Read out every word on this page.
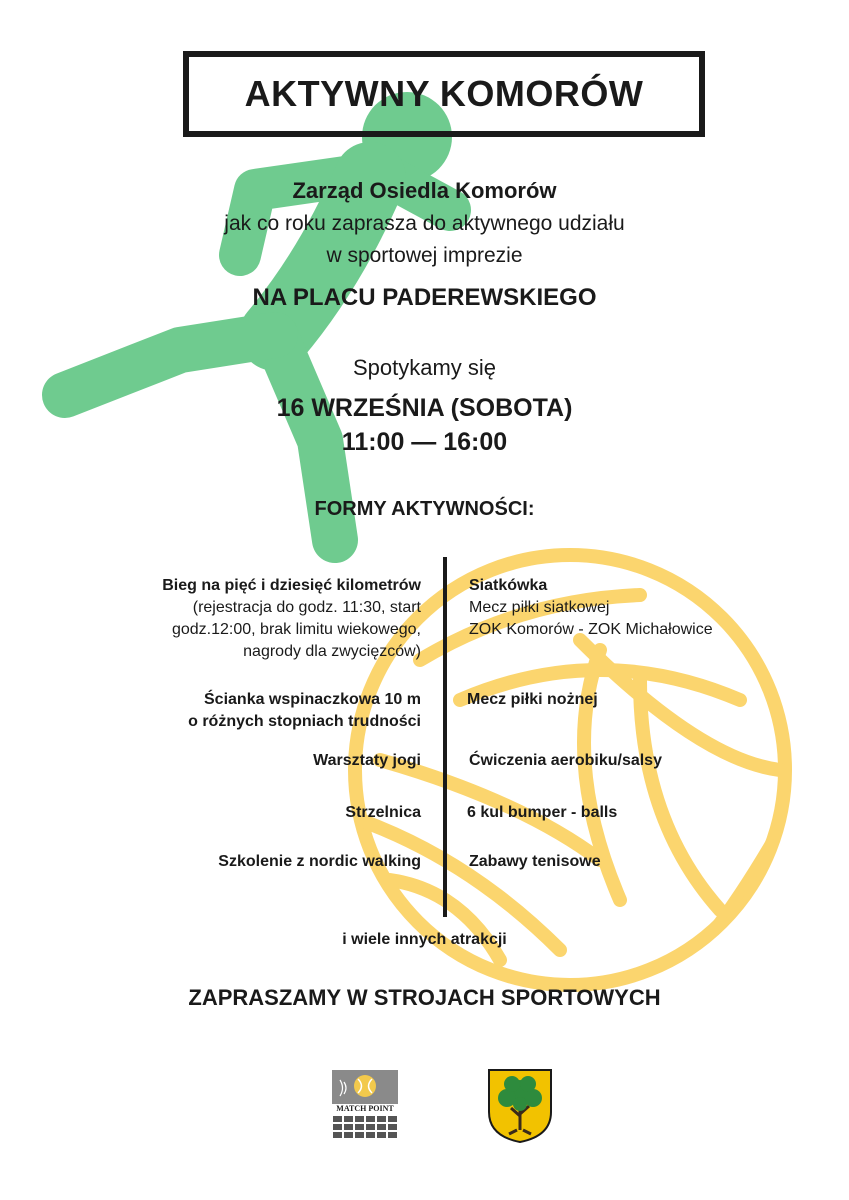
AKTYWNY KOMORÓW
Zarząd Osiedla Komorów
jak co roku zaprasza do aktywnego udziału
w sportowej imprezie
NA PLACU PADEREWSKIEGO
Spotykamy się
16 WRZEŚNIA (SOBOTA)
11:00 — 16:00
FORMY AKTYWNOŚCI:
Bieg na pięć i dziesięć kilometrów
(rejestracja do godz. 11:30, start
godz.12:00, brak limitu wiekowego,
nagrody dla zwycięzców)
Ścianka wspinaczkowa 10 m
o różnych stopniach trudności
Warsztaty jogi
Strzelnica
Szkolenie z nordic walking
Siatkówka
Mecz piłki siatkowej
ZOK Komorów - ZOK Michałowice
Mecz piłki nożnej
Ćwiczenia aerobiku/salsy
6 kul bumper - balls
Zabawy tenisowe
i wiele innych atrakcji
ZAPRASZAMY W STROJACH SPORTOWYCH
MATCH POINT
